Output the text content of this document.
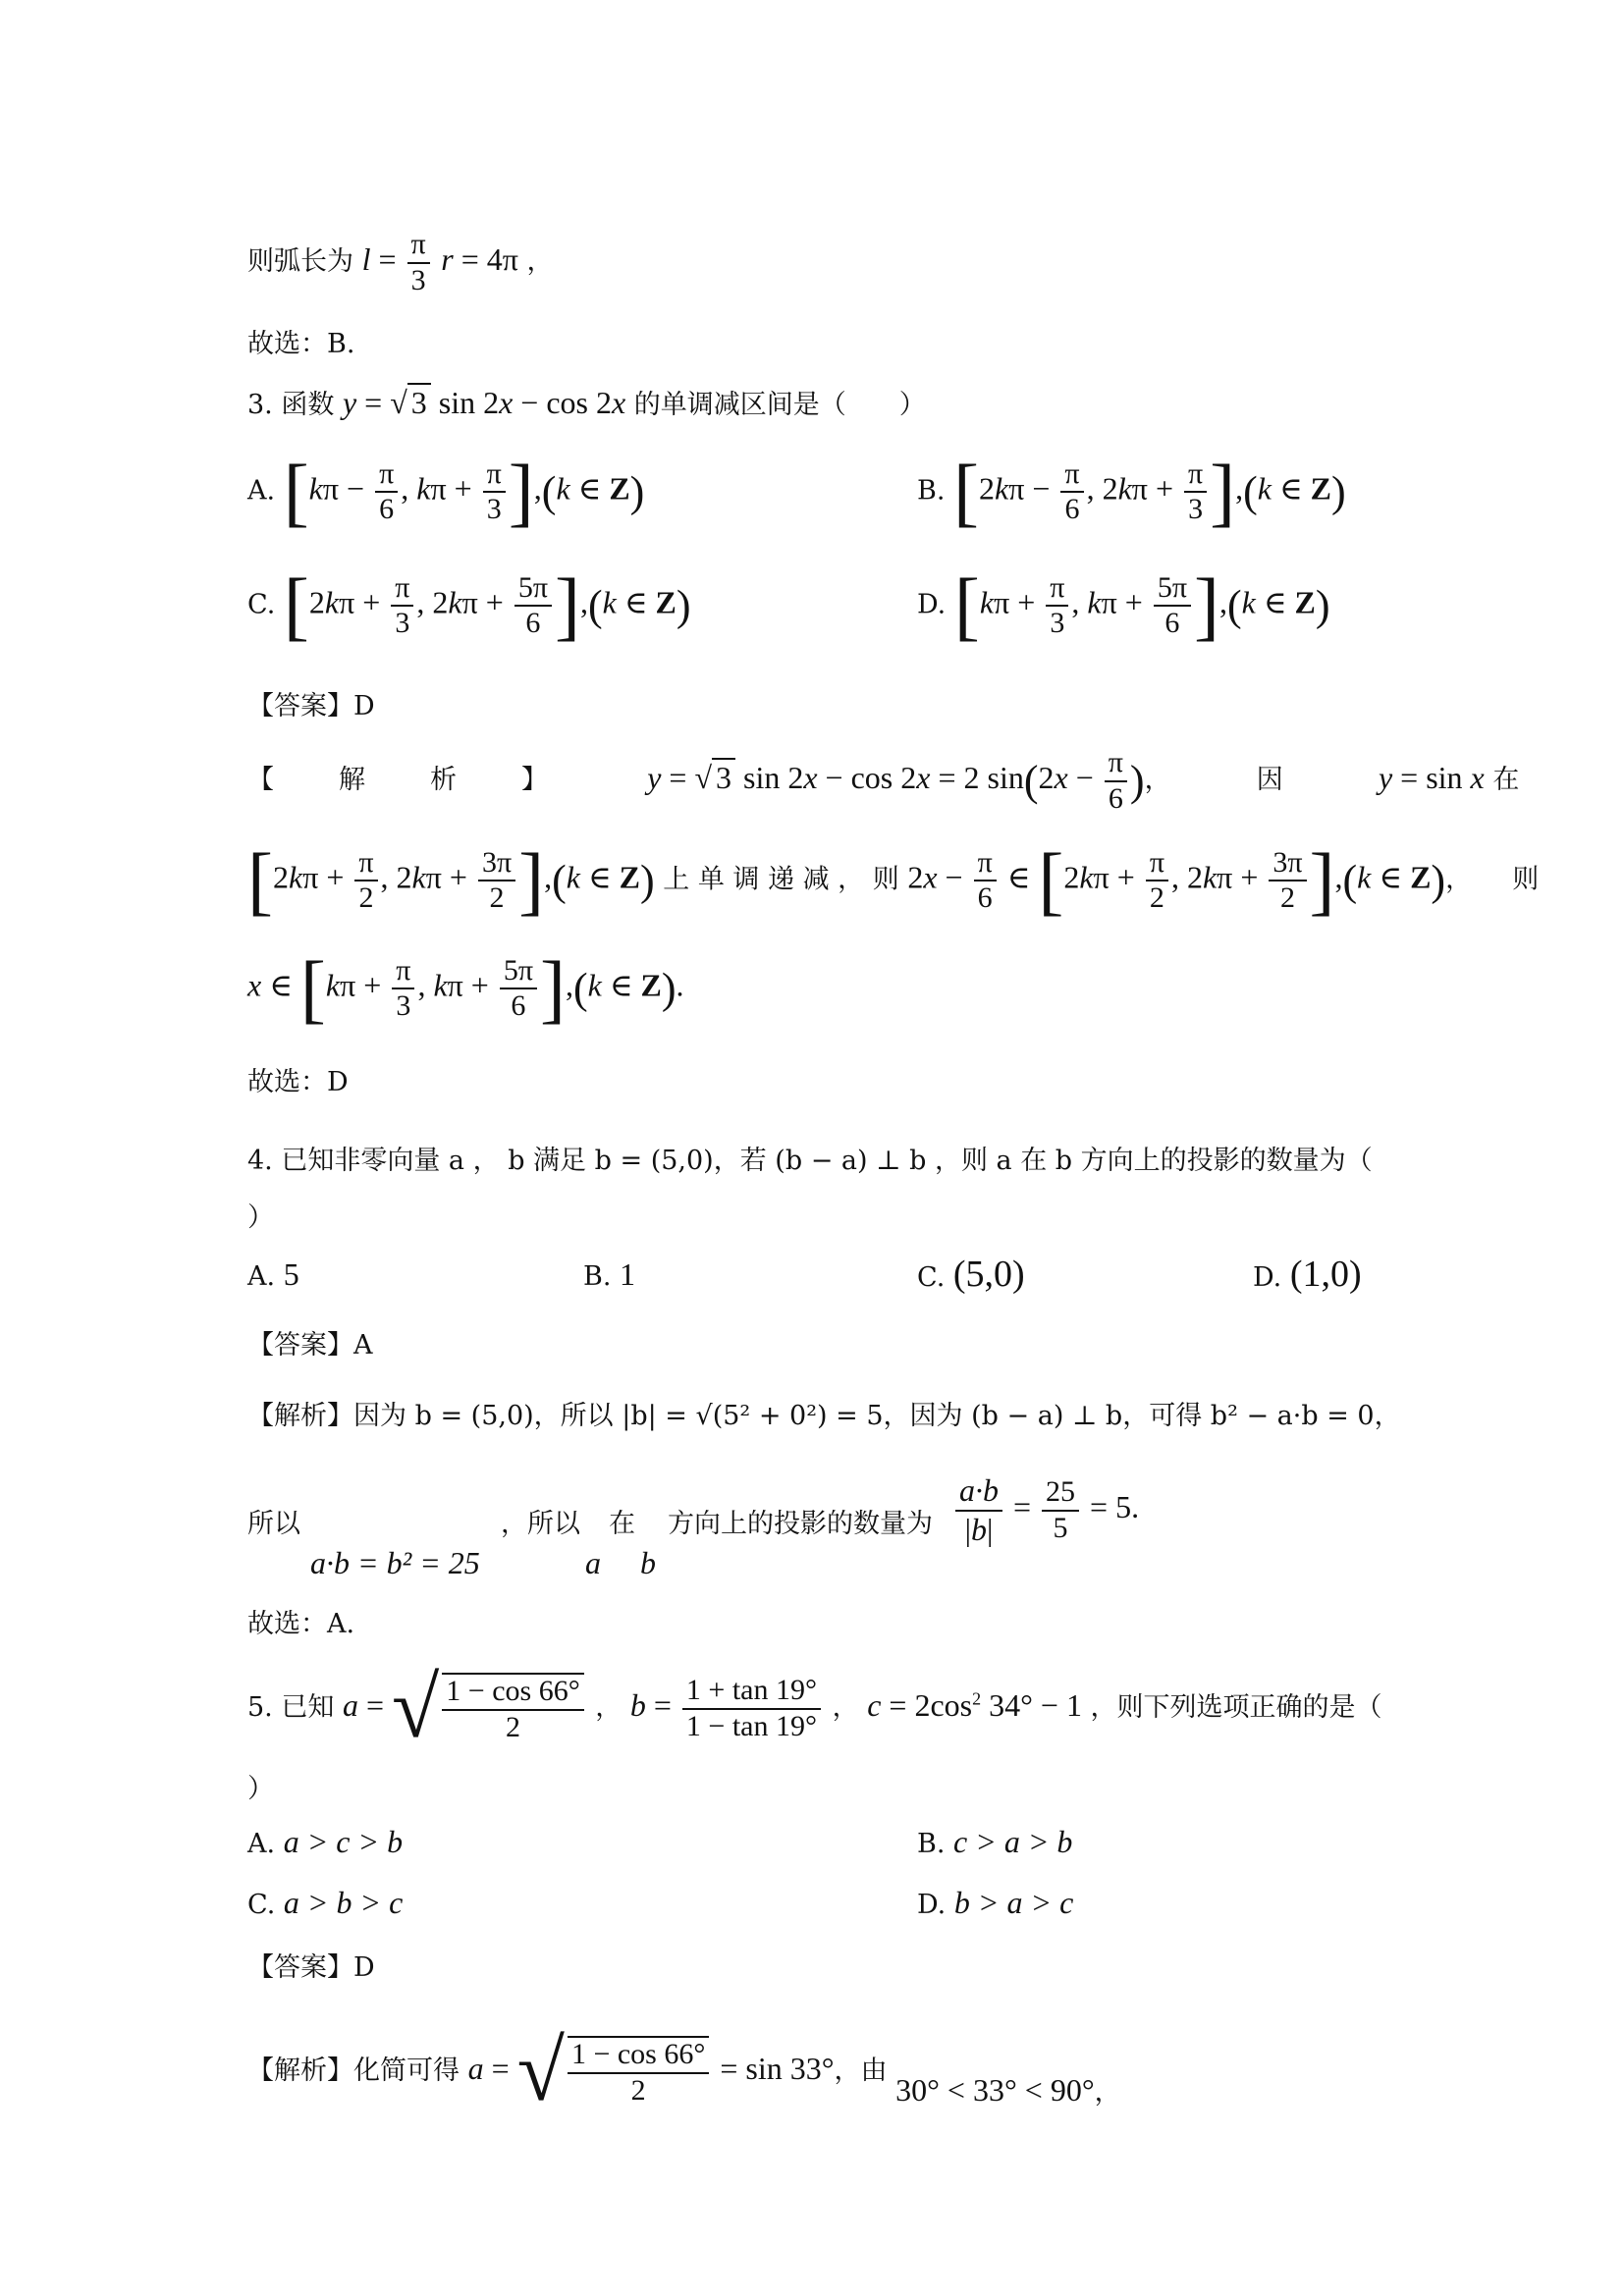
则弧长为 $l = \frac{\pi}{3}$ r = 4π ，
故选：B.
3. 函数 y = √ 3 sin 2x − cos 2x 的单调减区间是（　　）
A. [$k\pi - \frac{\pi}{6}$ , $k\pi + \frac{\pi}{3} ],(k$ ∈ Z)	B. [$2k\pi - \frac{\pi}{6}$ , $2k\pi + \frac{\pi}{3} ],(k$ ∈ Z)
C. [$2k\pi + \frac{\pi}{3}$ , $2k\pi + \frac{5\pi}{6} ],(k$ ∈ Z)	D. [$k\pi + \frac{\pi}{3}$ , $k\pi + \frac{5\pi}{6} ],(k$ ∈ Z)
【答案】D
【　　解　　析　　】	y = √ 3 sin 2x − cos 2x = 2 $\sin(2x - \frac{\pi}{6}$ )，	因	y = sin x 在
[$2k\pi + \frac{\pi}{2}$ , $2k\pi + \frac{3\pi}{2} ],(k$ ∈ Z) 上 单 调 递 减 ， 则 $2x - \frac{\pi}{6}$ ∈ [$2k\pi + \frac{\pi}{2}$ , $2k\pi + \frac{3\pi}{2} ],(k$ ∈ Z)， 则
x ∈ [$k\pi + \frac{\pi}{3}$ , $k\pi + \frac{5\pi}{6} ],(k$ ∈ Z).
故选：D
4. 已知非零向量 a ， b 满足 b = (5,0)，若 (b − a) ⊥ b ，则 a 在 b 方向上的投影的数量为（
）
A. 5	B. 1	C. (5,0)	D. (1,0)
【答案】A
【解析】因为 b = (5,0)，所以 |b| = √(5² + 0²) = 5，因为 (b − a) ⊥ b，可得 b² − a·b = 0，
所以
a·b = b² = 25
，所以
a
在
b
方向上的投影的数量为 $\frac{a\cdot b}{|b|} = \frac{25}{5} = 5$.
故选：A.
5. 已知 a = √ $\frac{1 - \cos 66^\circ}{2}$ ， $b = \frac{1 + \tan 19^\circ}{1 - \tan 19^\circ}$ ， $c = 2\cos^2$ 34° − 1 ，则下列选项正确的是（
）
A. a > c > b	B. c > a > b
C. a > b > c	D. b > a > c
【答案】D
【解析】化简可得 a = √ $\frac{1 - \cos 66^\circ}{2} = \sin 33^\circ$，由 30° < 33° < 90°，
